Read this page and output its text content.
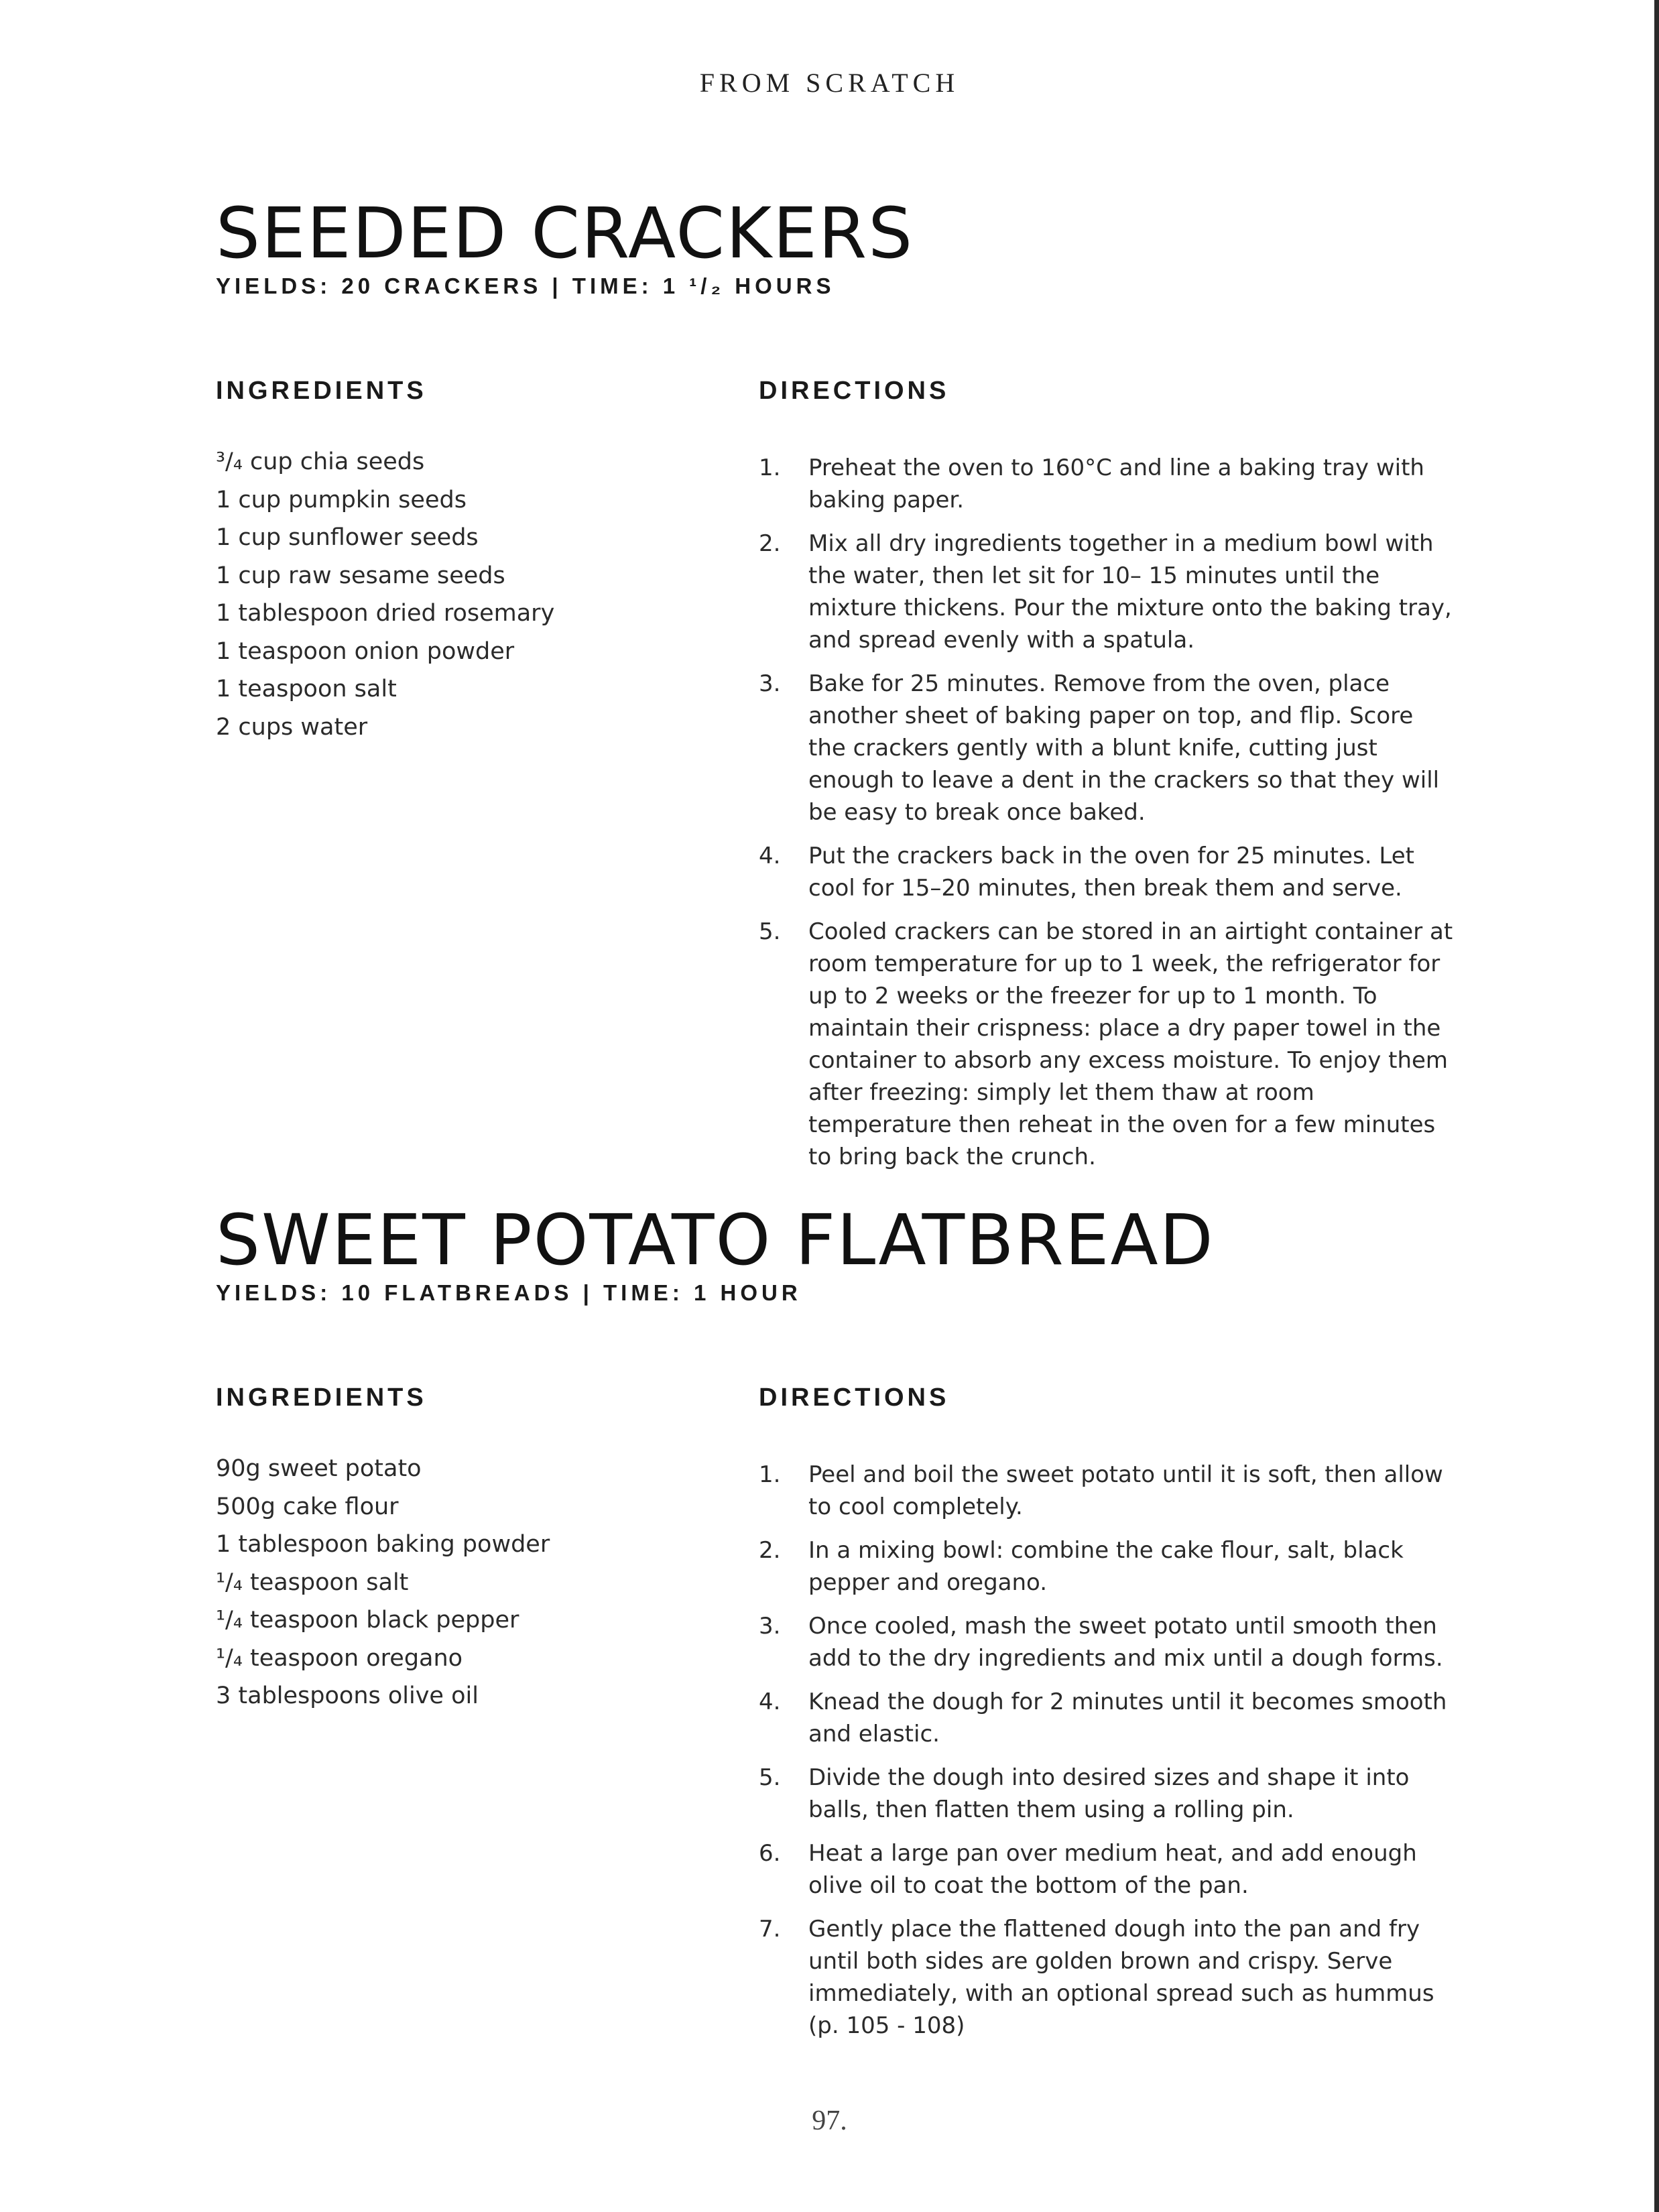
FROM SCRATCH
SEEDED CRACKERS
YIELDS: 20 CRACKERS | TIME: 1 ¹/₂ HOURS
INGREDIENTS	DIRECTIONS
³/₄ cup chia seeds
1 cup pumpkin seeds
1 cup sunflower seeds
1 cup raw sesame seeds
1 tablespoon dried rosemary
1 teaspoon onion powder
1 teaspoon salt
2 cups water
1.	Preheat the oven to 160°C and line a baking tray with baking paper.
2.	Mix all dry ingredients together in a medium bowl with the water, then let sit for 10– 15 minutes until the mixture thickens. Pour the mixture onto the baking tray, and spread evenly with a spatula.
3.	Bake for 25 minutes. Remove from the oven, place another sheet of baking paper on top, and flip. Score the crackers gently with a blunt knife, cutting just enough to leave a dent in the crackers so that they will be easy to break once baked.
4.	Put the crackers back in the oven for 25 minutes. Let cool for 15–20 minutes, then break them and serve.
5.	Cooled crackers can be stored in an airtight container at room temperature for up to 1 week, the refrigerator for up to 2 weeks or the freezer for up to 1 month. To maintain their crispness: place a dry paper towel in the container to absorb any excess moisture. To enjoy them after freezing: simply let them thaw at room temperature then reheat in the oven for a few minutes to bring back the crunch.
SWEET POTATO FLATBREAD
YIELDS: 10 FLATBREADS | TIME: 1 HOUR
INGREDIENTS	DIRECTIONS
90g sweet potato
500g cake flour
1 tablespoon baking powder
¹/₄ teaspoon salt
¹/₄ teaspoon black pepper
¹/₄ teaspoon oregano
3 tablespoons olive oil
1.	Peel and boil the sweet potato until it is soft, then allow to cool completely.
2.	In a mixing bowl: combine the cake flour, salt, black pepper and oregano.
3.	Once cooled, mash the sweet potato until smooth then add to the dry ingredients and mix until a dough forms.
4.	Knead the dough for 2 minutes until it becomes smooth and elastic.
5.	Divide the dough into desired sizes and shape it into balls, then flatten them using a rolling pin.
6.	Heat a large pan over medium heat, and add enough olive oil to coat the bottom of the pan.
7.	Gently place the flattened dough into the pan and fry until both sides are golden brown and crispy. Serve immediately, with an optional spread such as hummus (p. 105 - 108)
97.
